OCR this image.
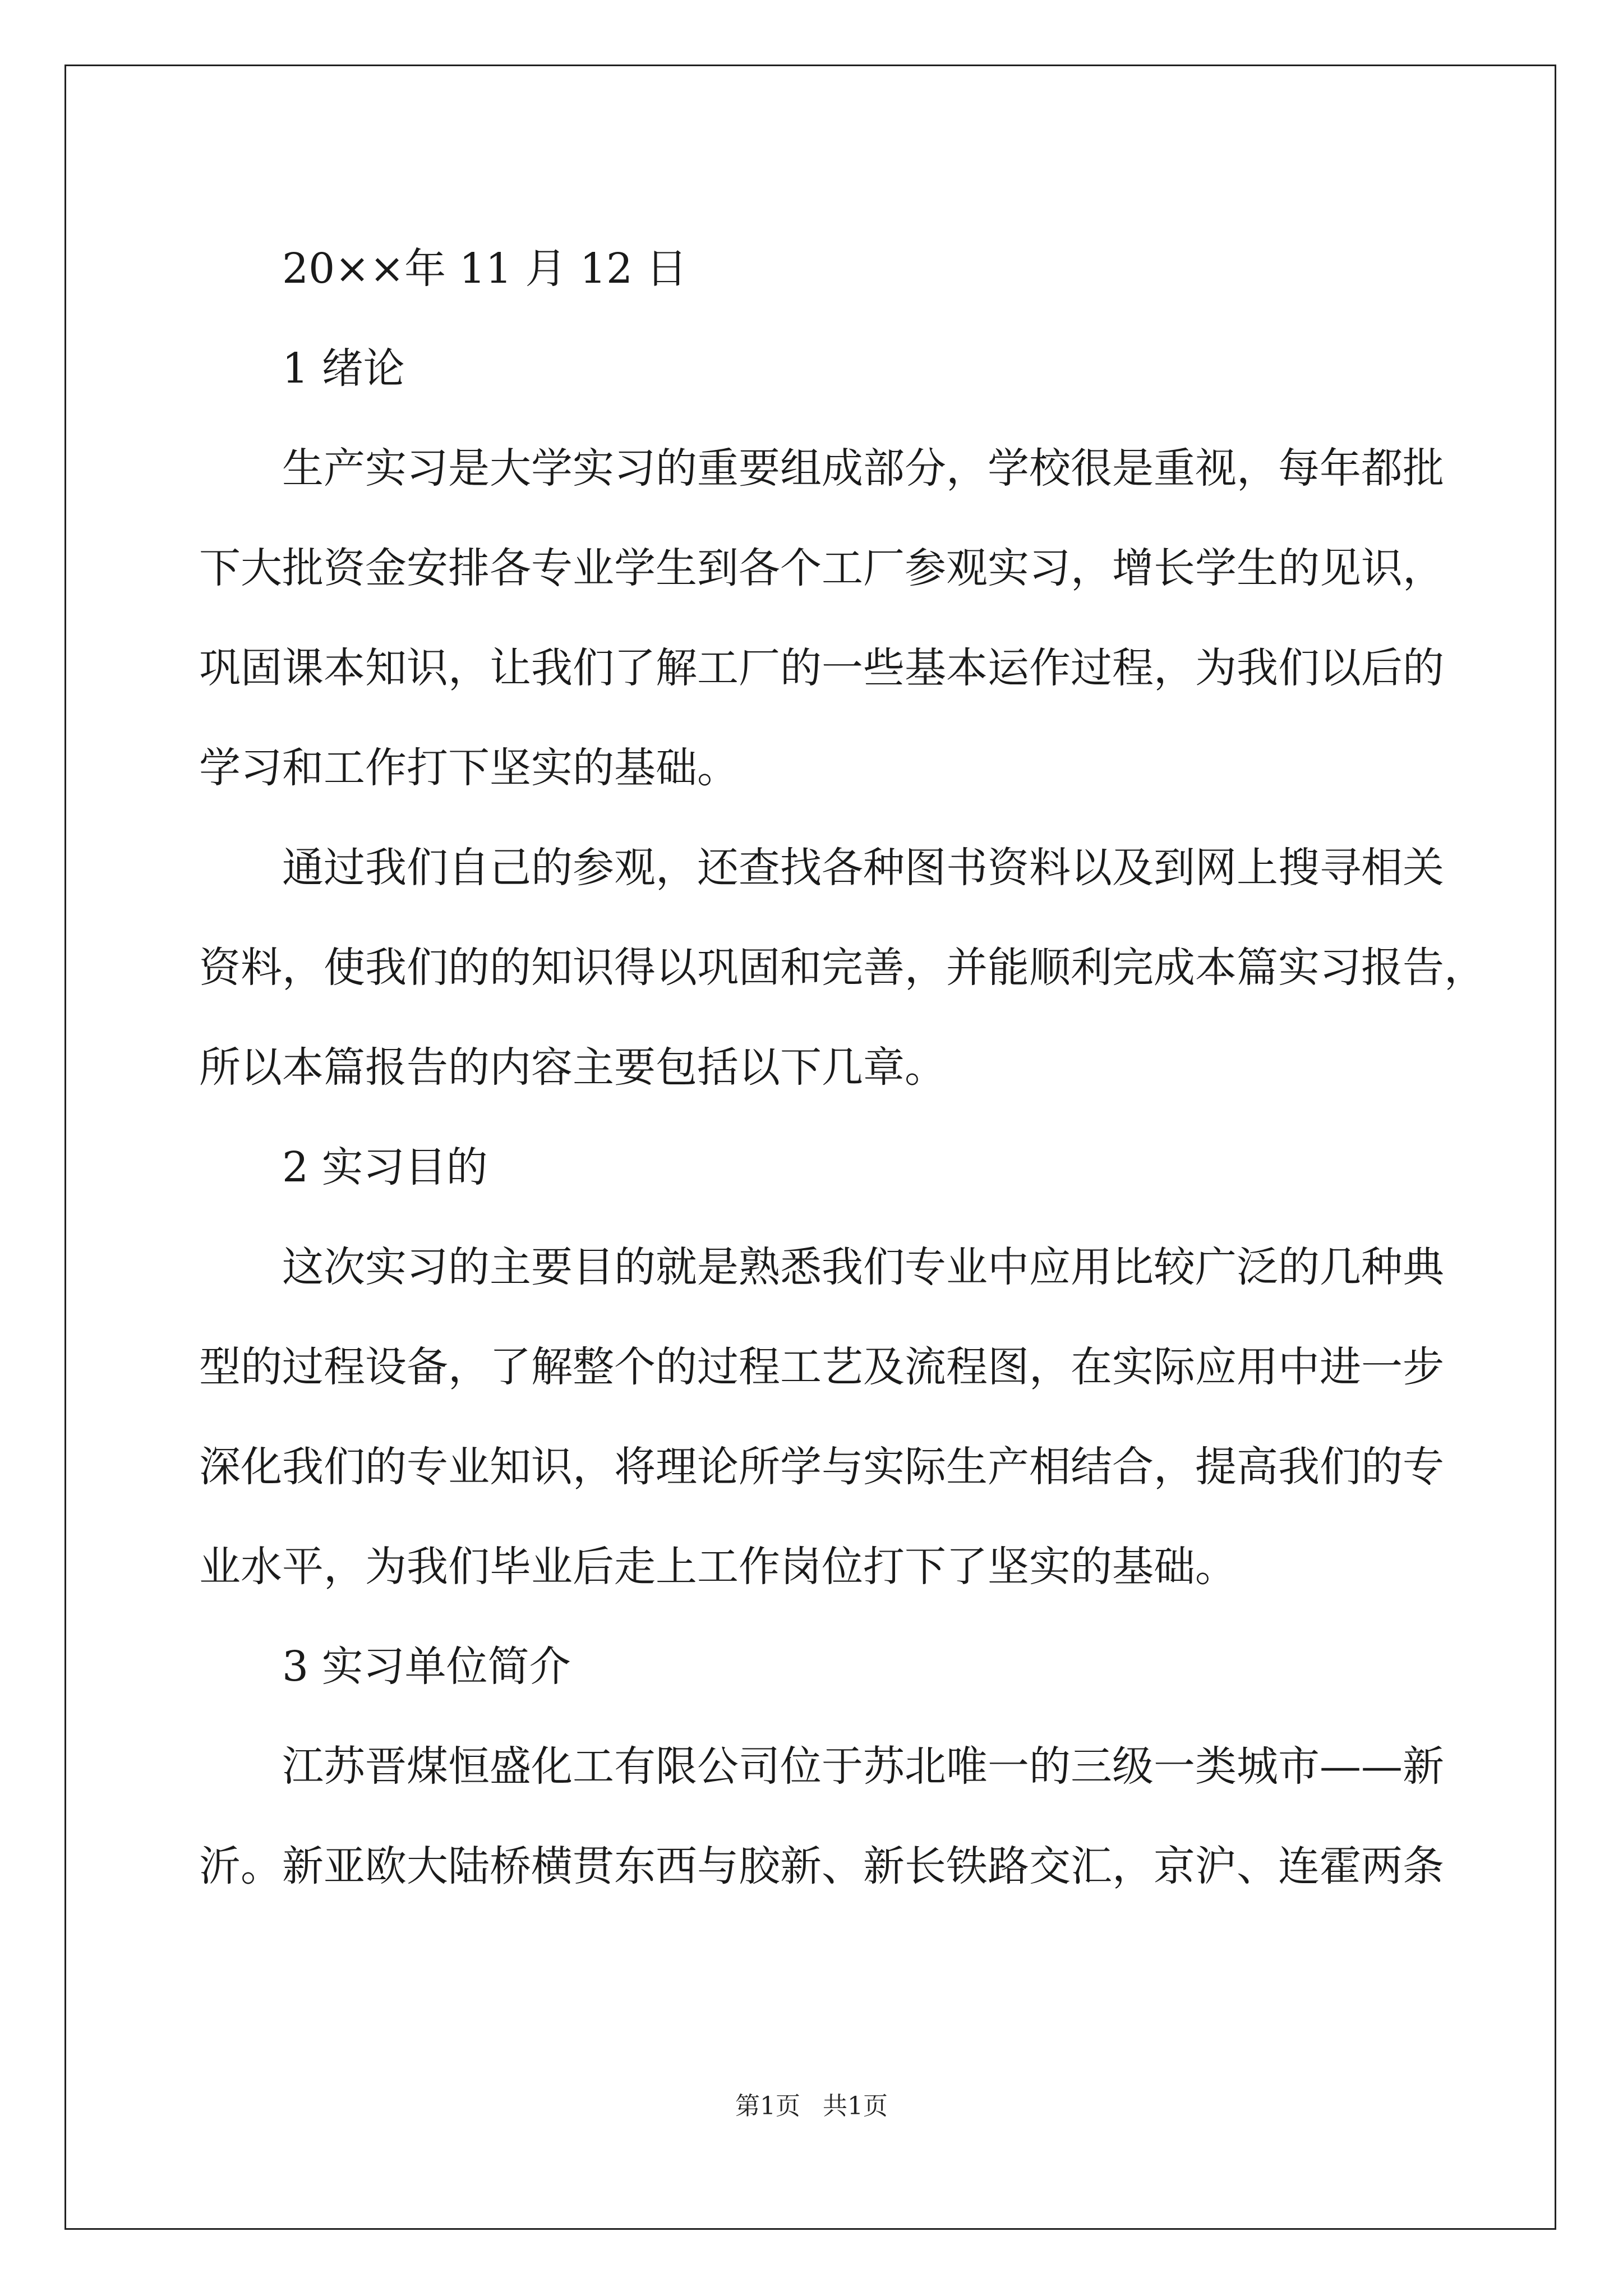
20××年 11 月 12 日

1 绪论

生产实习是大学实习的重要组成部分，学校很是重视，每年都批

下大批资金安排各专业学生到各个工厂参观实习，增长学生的见识，

巩固课本知识，让我们了解工厂的一些基本运作过程，为我们以后的

学习和工作打下坚实的基础。

通过我们自己的参观，还查找各种图书资料以及到网上搜寻相关

资料，使我们的的知识得以巩固和完善，并能顺利完成本篇实习报告，

所以本篇报告的内容主要包括以下几章。

2 实习目的

这次实习的主要目的就是熟悉我们专业中应用比较广泛的几种典

型的过程设备，了解整个的过程工艺及流程图，在实际应用中进一步

深化我们的专业知识，将理论所学与实际生产相结合，提高我们的专

业水平，为我们毕业后走上工作岗位打下了坚实的基础。

3 实习单位简介

江苏晋煤恒盛化工有限公司位于苏北唯一的三级一类城市——新

沂。新亚欧大陆桥横贯东西与胶新、新长铁路交汇，京沪、连霍两条

第1页 共1页
